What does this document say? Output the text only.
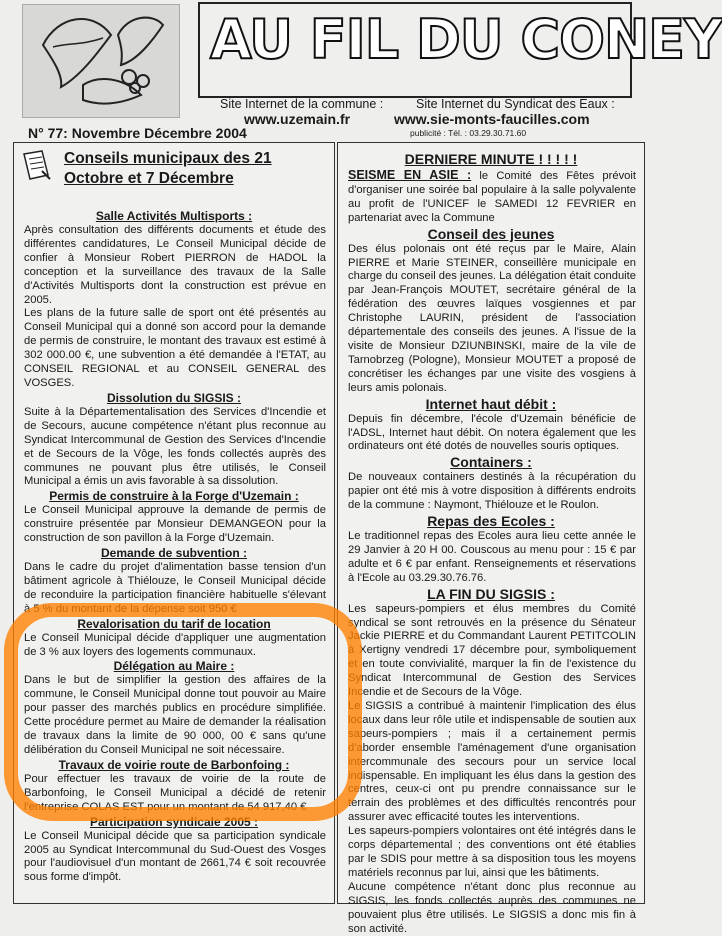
AU FIL DU CONEY
Site Internet de la commune :
www.uzemain.fr
Site Internet du Syndicat des Eaux :
www.sie-monts-faucilles.com
publicité : Tél. : 03.29.30.71.60
N° 77: Novembre Décembre 2004
Conseils municipaux des 21 Octobre et 7 Décembre

Salle Activités Multisports :

Après consultation des différents documents et étude des différentes candidatures, Le Conseil Municipal décide de confier à Monsieur Robert PIERRON de HADOL la conception et la surveillance des travaux de la Salle d'Activités Multisports dont la construction est prévue en 2005.

Les plans de la future salle de sport ont été présentés au Conseil Municipal qui a donné son accord pour la demande de permis de construire, le montant des travaux est estimé à 302 000.00 €, une subvention a été demandée à l'ETAT, au CONSEIL REGIONAL et au CONSEIL GENERAL des VOSGES.

Dissolution du SIGSIS :

Suite à la Départementalisation des Services d'Incendie et de Secours, aucune compétence n'étant plus reconnue au Syndicat Intercommunal de Gestion des Services d'Incendie et de Secours de la Vôge, les fonds collectés auprès des communes ne pouvant plus être utilisés, le Conseil Municipal a émis un avis favorable à sa dissolution.

Permis de construire à la Forge d'Uzemain :

Le Conseil Municipal approuve la demande de permis de construire présentée par Monsieur DEMANGEON pour la construction de son pavillon à la Forge d'Uzemain.

Demande de subvention :

Dans le cadre du projet d'alimentation basse tension d'un bâtiment agricole à Thiélouze, le Conseil Municipal décide de reconduire la participation financière habituelle s'élevant à 5 % du montant de la dépense soit 950 €

Revalorisation du tarif de location

Le Conseil Municipal décide d'appliquer une augmentation de 3 % aux loyers des logements communaux.

Délégation au Maire :

Dans le but de simplifier la gestion des affaires de la commune, le Conseil Municipal donne tout pouvoir au Maire pour passer des marchés publics en procédure simplifiée. Cette procédure permet au Maire de demander la réalisation de travaux dans la limite de 90 000, 00 € sans qu'une délibération du Conseil Municipal ne soit nécessaire.

Travaux de voirie route de Barbonfoing :

Pour effectuer les travaux de voirie de la route de Barbonfoing, le Conseil Municipal a décidé de retenir l'entreprise COLAS EST pour un montant de 54 917,40 €

Participation syndicale 2005 :

Le Conseil Municipal décide que sa participation syndicale 2005 au Syndicat Intercommunal du Sud-Ouest des Vosges pour l'audiovisuel d'un montant de 2661,74 € soit recouvrée sous forme d'impôt.

DERNIERE MINUTE ! ! ! ! !

SEISME EN ASIE : le Comité des Fêtes prévoit d'organiser une soirée bal populaire à la salle polyvalente au profit de l'UNICEF le SAMEDI 12 FEVRIER en partenariat avec la Commune

Conseil des jeunes

Des élus polonais ont été reçus par le Maire, Alain PIERRE et Marie STEINER, conseillère municipale en charge du conseil des jeunes. La délégation était conduite par Jean-François MOUTET, secrétaire général de la fédération des œuvres laïques vosgiennes et par Christophe LAURIN, président de l'association départementale des conseils des jeunes. A l'issue de la visite de Monsieur DZIUNBINSKI, maire de la vile de Tarnobrzeg (Pologne), Monsieur MOUTET a proposé de concrétiser les échanges par une visite des vosgiens à leurs amis polonais.

Internet haut débit :

Depuis fin décembre, l'école d'Uzemain bénéficie de l'ADSL, Internet haut débit. On notera également que les ordinateurs ont été dotés de nouvelles souris optiques.

Containers :

De nouveaux containers destinés à la récupération du papier ont été mis à votre disposition à différents endroits de la commune : Naymont, Thiélouze et le Roulon.

Repas des Ecoles :

Le traditionnel repas des Ecoles aura lieu cette année le 29 Janvier à 20 H 00. Couscous au menu pour : 15 € par adulte et 6 € par enfant. Renseignements et réservations à l'Ecole au 03.29.30.76.76.

LA FIN DU SIGSIS :

Les sapeurs-pompiers et élus membres du Comité syndical se sont retrouvés en la présence du Sénateur Jackie PIERRE et du Commandant Laurent PETITCOLIN à Xertigny vendredi 17 décembre pour, symboliquement et en toute convivialité, marquer la fin de l'existence du Syndicat Intercommunal de Gestion des Services Incendie et de Secours de la Vôge.

Le SIGSIS a contribué à maintenir l'implication des élus locaux dans leur rôle utile et indispensable de soutien aux sapeurs-pompiers ; mais il a certainement permis d'aborder ensemble l'aménagement d'une organisation intercommunale des secours pour un service local indispensable. En impliquant les élus dans la gestion des centres, ceux-ci ont pu prendre connaissance sur le terrain des problèmes et des difficultés rencontrés pour assurer avec efficacité toutes les interventions.

Les sapeurs-pompiers volontaires ont été intégrés dans le corps départemental ; des conventions ont été établies par le SDIS pour mettre à sa disposition tous les moyens matériels reconnus par lui, ainsi que les bâtiments.

Aucune compétence n'étant donc plus reconnue au SIGSIS, les fonds collectés auprès des communes ne pouvaient plus être utilisés. Le SIGSIS a donc mis fin à son activité.
